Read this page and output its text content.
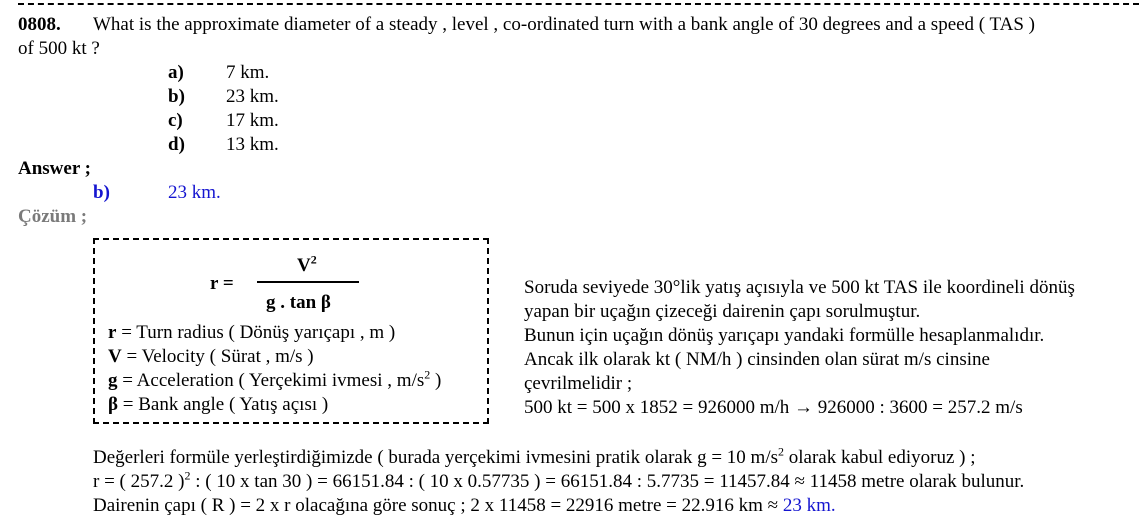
0808. What is the approximate diameter of a steady , level , co-ordinated turn with a bank angle of 30 degrees and a speed ( TAS )
of 500 kt ?
a) 7 km.
b) 23 km.
c) 17 km.
d) 13 km.
Answer ;
b)	23 km.
Çözüm ;
r =
$V^2$
g . tan β
r = Turn radius ( Dönüş yarıçapı , m )
V = Velocity ( Sürat , m/s )
g = Acceleration ( Yerçekimi ivmesi , $m/s^2$ )
β = Bank angle ( Yatış açısı )
Soruda seviyede 30°lik yatış açısıyla ve 500 kt TAS ile koordineli dönüş
yapan bir uçağın çizeceği dairenin çapı sorulmuştur.
Bunun için uçağın dönüş yarıçapı yandaki formülle hesaplanmalıdır.
Ancak ilk olarak kt ( NM/h ) cinsinden olan sürat m/s cinsine
çevrilmelidir ;
500 kt = 500 x 1852 = 926000 m/h → 926000 : 3600 = 257.2 m/s
Değerleri formüle yerleştirdiğimizde ( burada yerçekimi ivmesini pratik olarak g = 10 $m/s^2$ olarak kabul ediyoruz ) ;
r = ( 257.2 )$^2$ : ( 10 x tan 30 ) = 66151.84 : ( 10 x 0.57735 ) = 66151.84 : 5.7735 = 11457.84 ≈ 11458 metre olarak bulunur.
Dairenin çapı ( R ) = 2 x r olacağına göre sonuç ; 2 x 11458 = 22916 metre = 22.916 km ≈ 23 km.
